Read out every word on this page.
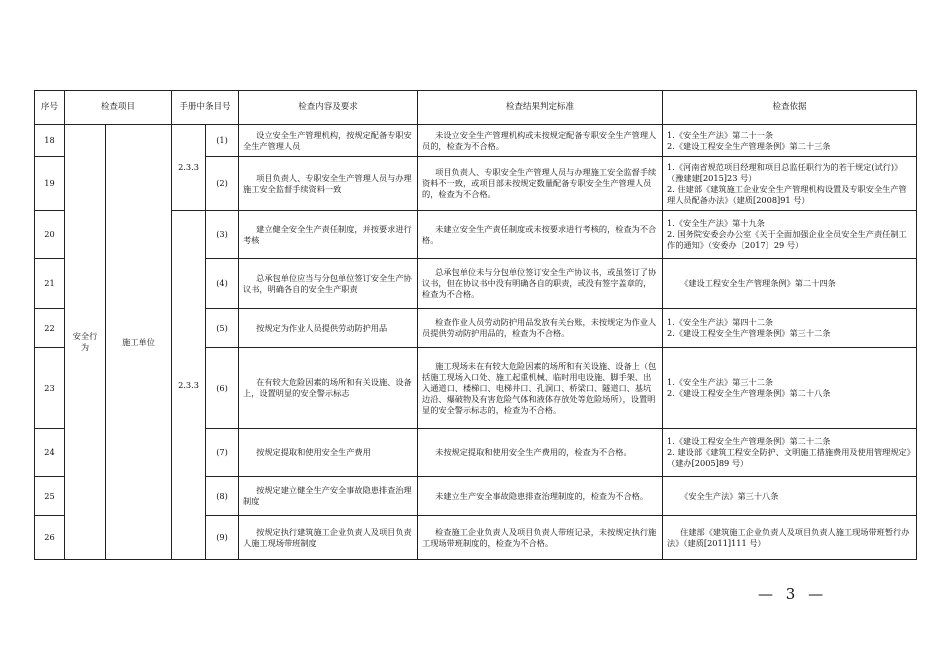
序号	检查项目		手册中条目号		检查内容及要求	检查结果判定标准	检查依据
18	安全行为	施工单位	2.3.3	(1)	设立安全生产管理机构，按规定配备专职安全生产管理人员	未设立安全生产管理机构或未按规定配备专职安全生产管理人员的，检查为不合格。	1.《安全生产法》第二十一条
2.《建设工程安全生产管理条例》第二十三条

19				(2)	项目负责人、专职安全生产管理人员与办理施工安全监督手续资料一致	项目负责人、专职安全生产管理人员与办理施工安全监督手续资料不一致，或项目部未按规定数量配备专职安全生产管理人员的，检查为不合格。	1.《河南省规范项目经理和项目总监任职行为的若干规定(试行)》（豫建建[2015]23 号）
2. 住建部《建筑施工企业安全生产管理机构设置及专职安全生产管理人员配备办法》（建质[2008]91 号）

20			2.3.3	(3)	建立健全安全生产责任制度，并按要求进行考核	未建立安全生产责任制度或未按要求进行考核的，检查为不合格。	1.《安全生产法》第十九条
2. 国务院安委会办公室《关于全面加强企业全员安全生产责任制工作的通知》（安委办〔2017〕29 号）

21				(4)	总承包单位应当与分包单位签订安全生产协议书，明确各自的安全生产职责	总承包单位未与分包单位签订安全生产协议书，或虽签订了协议书，但在协议书中没有明确各自的职责，或没有签字盖章的，检查为不合格。	《建设工程安全生产管理条例》第二十四条

22				(5)	按规定为作业人员提供劳动防护用品	检查作业人员劳动防护用品发放有关台账，未按规定为作业人员提供劳动防护用品的，检查为不合格。	1.《安全生产法》第四十二条
2.《建设工程安全生产管理条例》第三十二条

23				(6)	在有较大危险因素的场所和有关设施、设备上，设置明显的安全警示标志	施工现场未在有较大危险因素的场所和有关设施、设备上（包括施工现场入口处、施工起重机械、临时用电设施、脚手架、出入通道口、楼梯口、电梯井口、孔洞口、桥梁口、隧道口、基坑边沿、爆破物及有害危险气体和液体存放处等危险场所），设置明显的安全警示标志的，检查为不合格。	1.《安全生产法》第三十二条
2.《建设工程安全生产管理条例》第二十八条

24				(7)	按规定提取和使用安全生产费用	未按规定提取和使用安全生产费用的，检查为不合格。	1.《建设工程安全生产管理条例》第二十二条
2. 建设部《建筑工程安全防护、文明施工措施费用及使用管理规定》（建办[2005]89 号）

25				(8)	按规定建立健全生产安全事故隐患排查治理制度	未建立生产安全事故隐患排查治理制度的，检查为不合格。	《安全生产法》第三十八条

26				(9)	按规定执行建筑施工企业负责人及项目负责人施工现场带班制度	检查施工企业负责人及项目负责人带班记录，未按规定执行施工现场带班制度的，检查为不合格。	住建部《建筑施工企业负责人及项目负责人施工现场带班暂行办法》（建质[2011]111 号）
— 3 —
